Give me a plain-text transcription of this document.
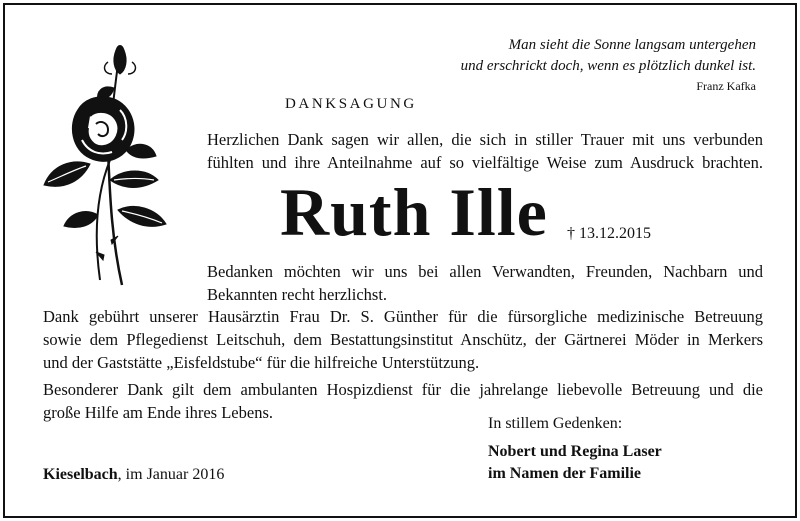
Man sieht die Sonne langsam untergehen
und erschrickt doch, wenn es plötzlich dunkel ist.
Franz Kafka
DANKSAGUNG
Herzlichen Dank sagen wir allen, die sich in stiller Trauer mit uns verbunden
fühlten und ihre Anteilnahme auf so vielfältige Weise zum Ausdruck brachten.
Ruth Ille † 13.12.2015
Bedanken möchten wir uns bei allen Verwandten, Freunden, Nachbarn und
Bekannten recht herzlichst.
Dank gebührt unserer Hausärztin Frau Dr. S. Günther für die fürsorgliche medizinische Betreuung
sowie dem Pflegedienst Leitschuh, dem Bestattungsinstitut Anschütz, der Gärtnerei Möder in Merkers
und der Gaststätte „Eisfeldstube“ für die hilfreiche Unterstützung.
Besonderer Dank gilt dem ambulanten Hospizdienst für die jahrelange liebevolle Betreuung und die
große Hilfe am Ende ihres Lebens.
In stillem Gedenken:
Nobert und Regina Laser
im Namen der Familie
Kieselbach, im Januar 2016
